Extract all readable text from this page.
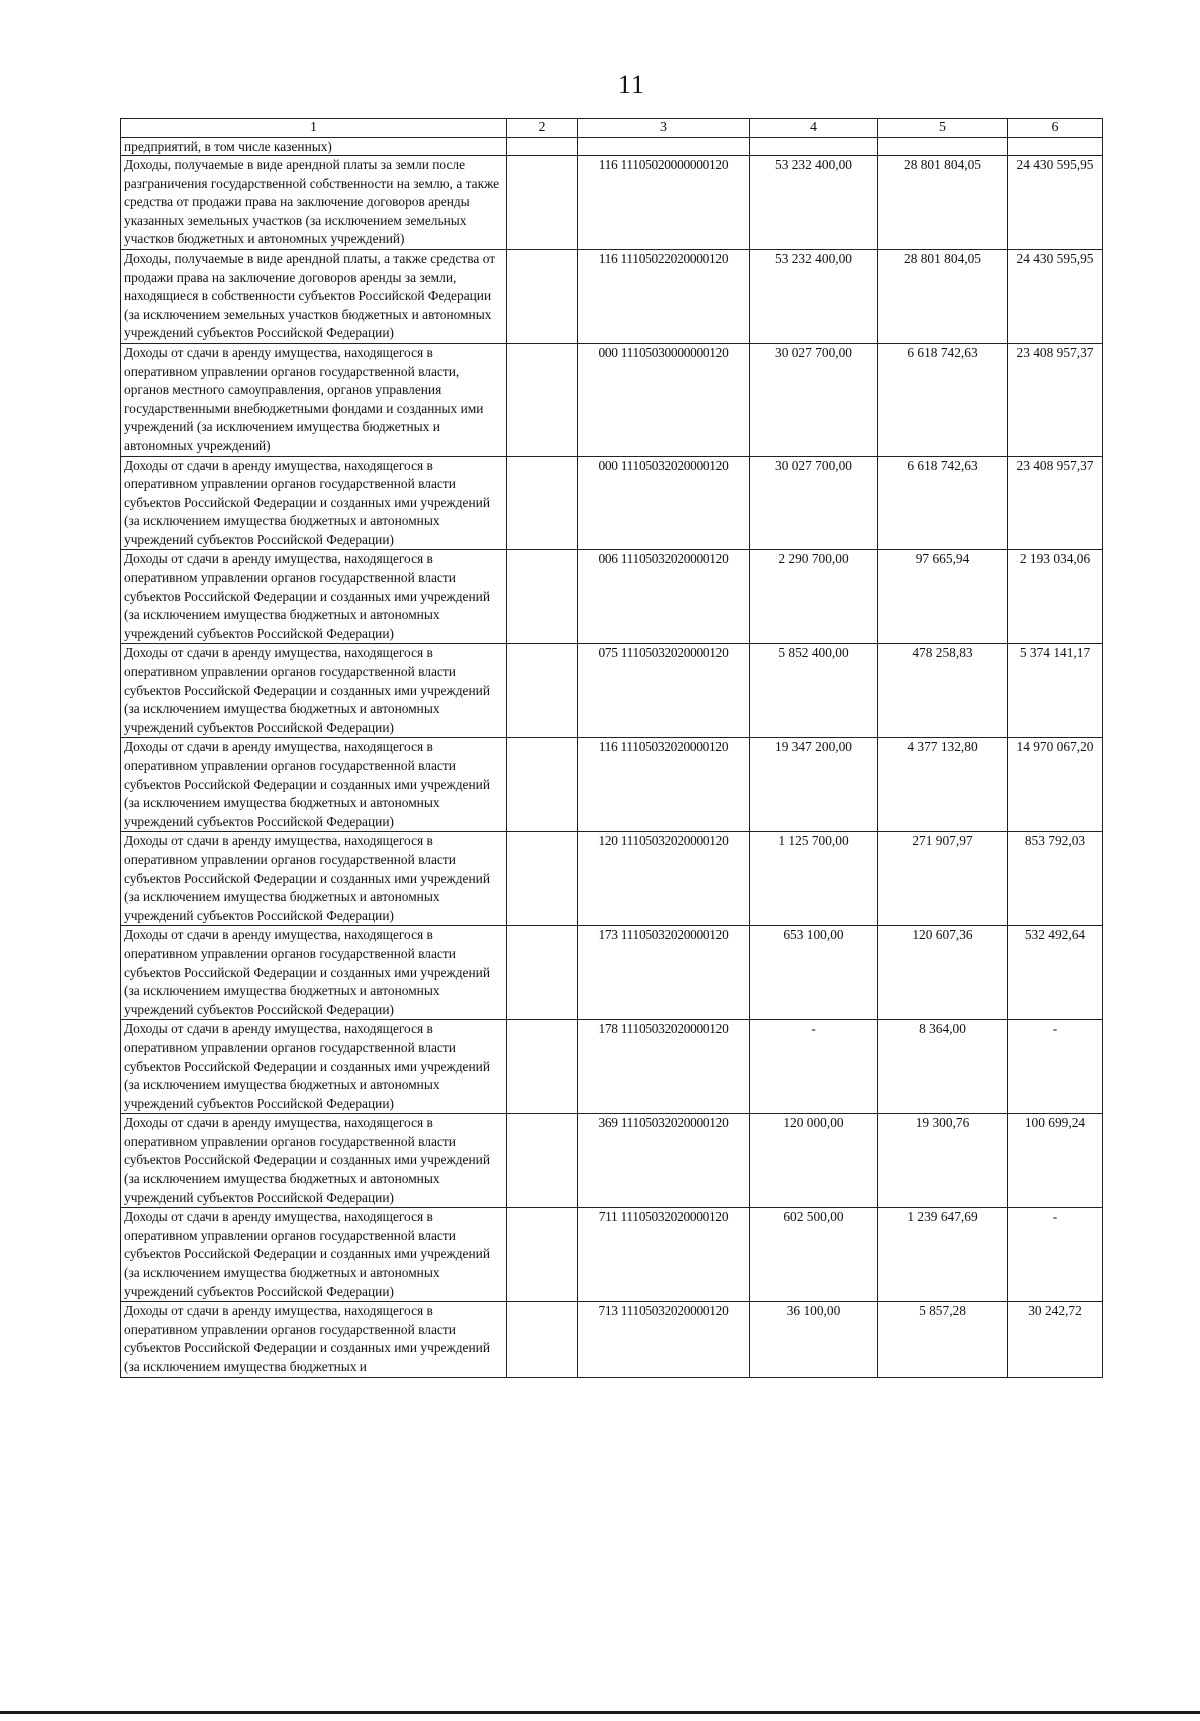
11
1	2	3	4	5	6
предприятий, в том числе казенных)					
Доходы, получаемые в виде арендной платы за земли после разграничения государственной собственности на землю, а также средства от продажи права на заключение договоров аренды указанных земельных участков (за исключением земельных участков бюджетных и автономных учреждений)		116 11105020000000120	53 232 400,00	28 801 804,05	24 430 595,95
Доходы, получаемые в виде арендной платы, а также средства от продажи права на заключение договоров аренды за земли, находящиеся в собственности субъектов Российской Федерации (за исключением земельных участков бюджетных и автономных учреждений субъектов Российской Федерации)		116 11105022020000120	53 232 400,00	28 801 804,05	24 430 595,95
Доходы от сдачи в аренду имущества, находящегося в оперативном управлении органов государственной власти, органов местного самоуправления, органов управления государственными внебюджетными фондами и созданных ими учреждений (за исключением имущества бюджетных и автономных учреждений)		000 11105030000000120	30 027 700,00	6 618 742,63	23 408 957,37
Доходы от сдачи в аренду имущества, находящегося в оперативном управлении органов государственной власти субъектов Российской Федерации и созданных ими учреждений (за исключением имущества бюджетных и автономных учреждений субъектов Российской Федерации)		000 11105032020000120	30 027 700,00	6 618 742,63	23 408 957,37
Доходы от сдачи в аренду имущества, находящегося в оперативном управлении органов государственной власти субъектов Российской Федерации и созданных ими учреждений (за исключением имущества бюджетных и автономных учреждений субъектов Российской Федерации)		006 11105032020000120	2 290 700,00	97 665,94	2 193 034,06
Доходы от сдачи в аренду имущества, находящегося в оперативном управлении органов государственной власти субъектов Российской Федерации и созданных ими учреждений (за исключением имущества бюджетных и автономных учреждений субъектов Российской Федерации)		075 11105032020000120	5 852 400,00	478 258,83	5 374 141,17
Доходы от сдачи в аренду имущества, находящегося в оперативном управлении органов государственной власти субъектов Российской Федерации и созданных ими учреждений (за исключением имущества бюджетных и автономных учреждений субъектов Российской Федерации)		116 11105032020000120	19 347 200,00	4 377 132,80	14 970 067,20
Доходы от сдачи в аренду имущества, находящегося в оперативном управлении органов государственной власти субъектов Российской Федерации и созданных ими учреждений (за исключением имущества бюджетных и автономных учреждений субъектов Российской Федерации)		120 11105032020000120	1 125 700,00	271 907,97	853 792,03
Доходы от сдачи в аренду имущества, находящегося в оперативном управлении органов государственной власти субъектов Российской Федерации и созданных ими учреждений (за исключением имущества бюджетных и автономных учреждений субъектов Российской Федерации)		173 11105032020000120	653 100,00	120 607,36	532 492,64
Доходы от сдачи в аренду имущества, находящегося в оперативном управлении органов государственной власти субъектов Российской Федерации и созданных ими учреждений (за исключением имущества бюджетных и автономных учреждений субъектов Российской Федерации)		178 11105032020000120	-	8 364,00	-
Доходы от сдачи в аренду имущества, находящегося в оперативном управлении органов государственной власти субъектов Российской Федерации и созданных ими учреждений (за исключением имущества бюджетных и автономных учреждений субъектов Российской Федерации)		369 11105032020000120	120 000,00	19 300,76	100 699,24
Доходы от сдачи в аренду имущества, находящегося в оперативном управлении органов государственной власти субъектов Российской Федерации и созданных ими учреждений (за исключением имущества бюджетных и автономных учреждений субъектов Российской Федерации)		711 11105032020000120	602 500,00	1 239 647,69	-
Доходы от сдачи в аренду имущества, находящегося в оперативном управлении органов государственной власти субъектов Российской Федерации и созданных ими учреждений (за исключением имущества бюджетных и		713 11105032020000120	36 100,00	5 857,28	30 242,72
